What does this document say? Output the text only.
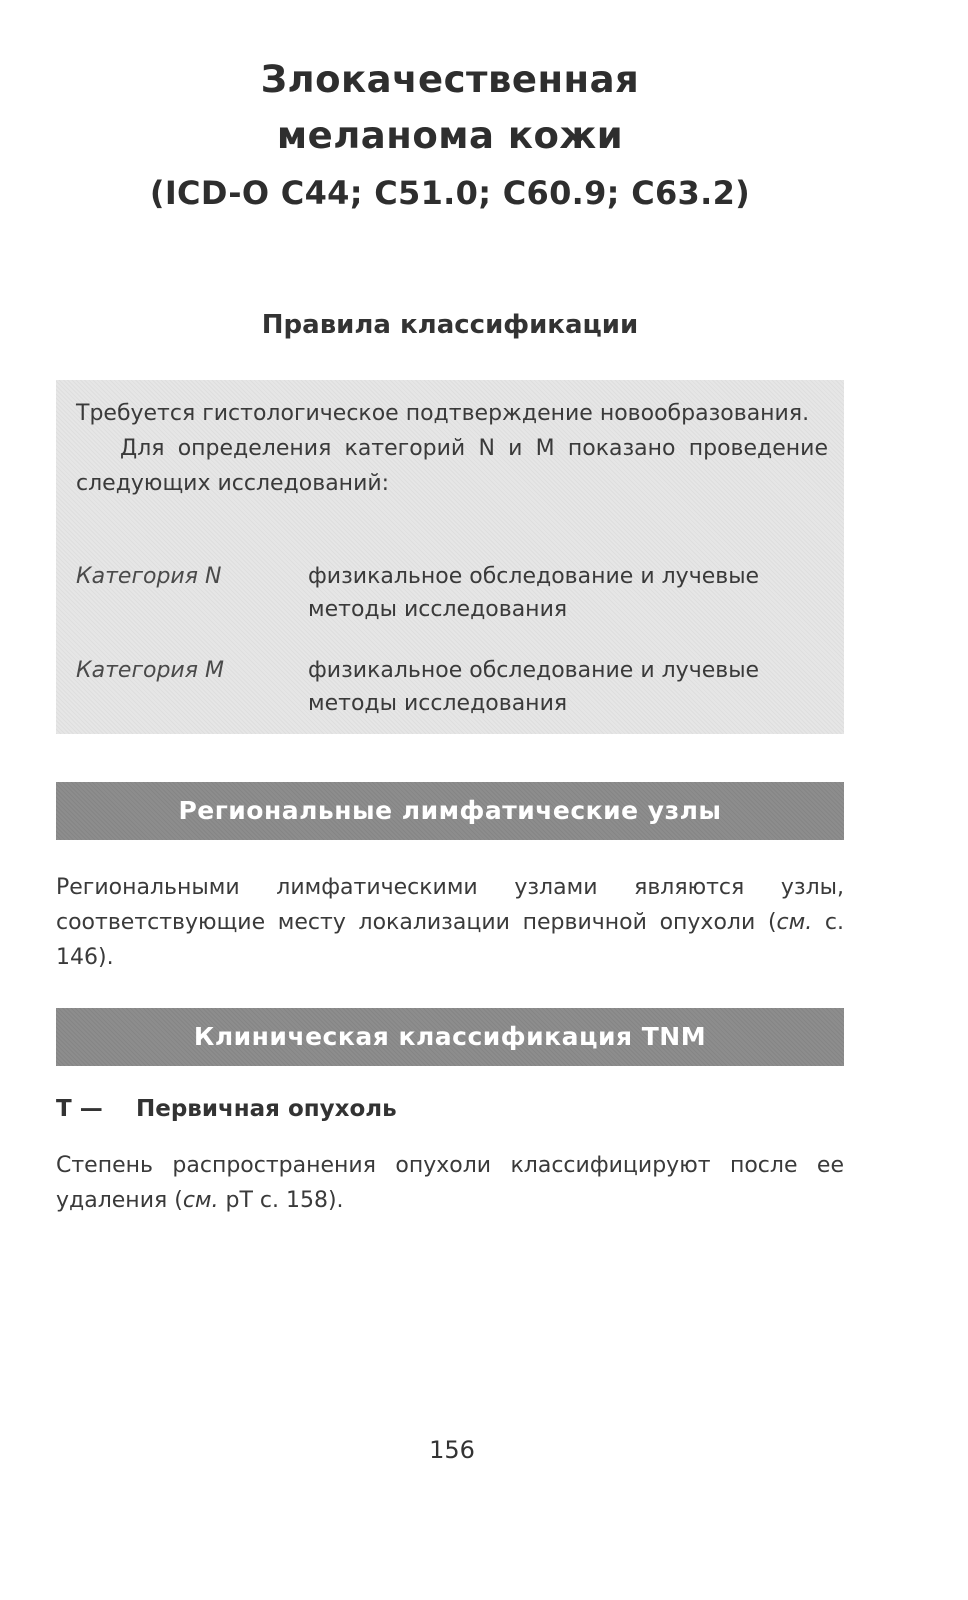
Злокачественная
меланома кожи
(ICD-O C44; C51.0; C60.9; C63.2)
Правила классификации

Требуется гистологическое подтверждение новообразования.

Для определения категорий N и M показано проведение следующих исследований:

Категория N	физикальное обследование и лучевые методы исследования
Категория M	физикальное обследование и лучевые методы исследования
Региональные лимфатические узлы

Региональными лимфатическими узлами являются узлы, соответствующие месту локализации первичной опухоли (см. с. 146).

Клиническая классификация TNM
T — Первичная опухоль

Степень распространения опухоли классифицируют после ее удаления (см. pT с. 158).

156
